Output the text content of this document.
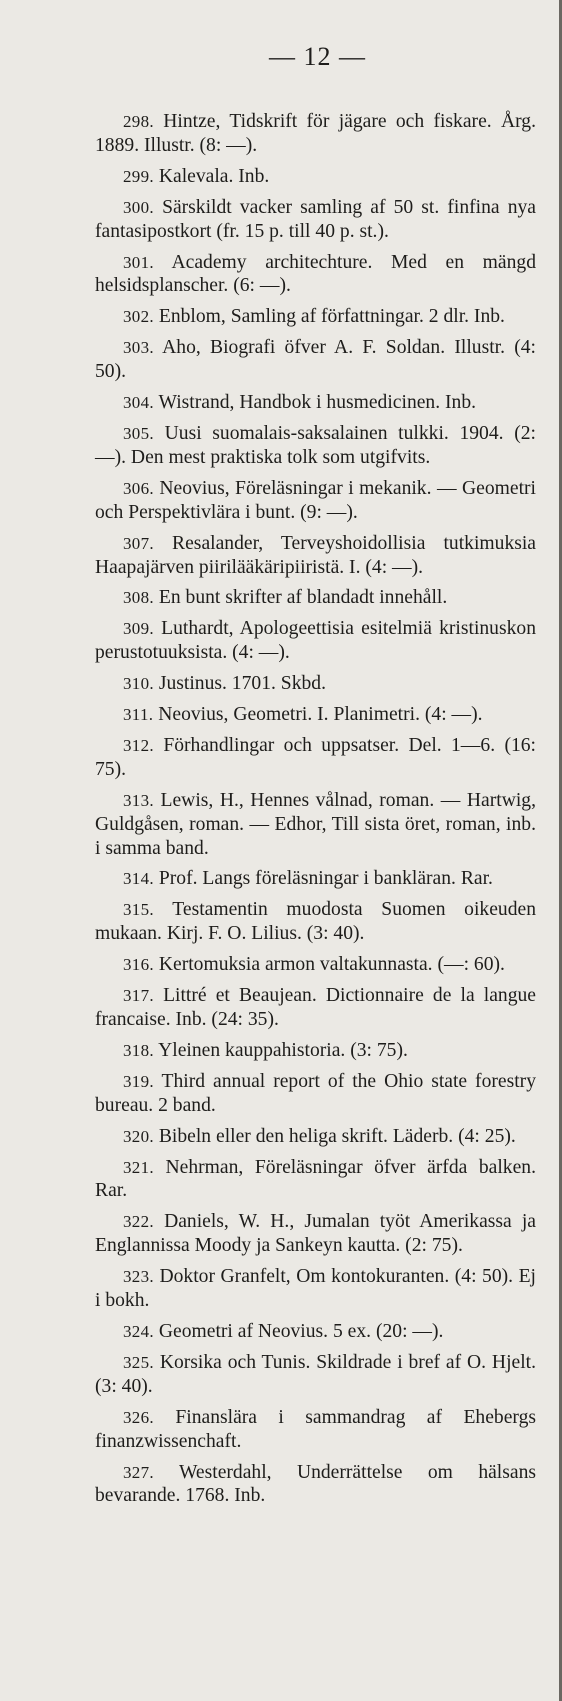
— 12 —

298. Hintze, Tidskrift för jägare och fiskare. Årg. 1889. Illustr. (8: —).

299. Kalevala. Inb.

300. Särskildt vacker samling af 50 st. finfina nya fantasipostkort (fr. 15 p. till 40 p. st.).

301. Academy architechture. Med en mängd helsidsplanscher. (6: —).

302. Enblom, Samling af författningar. 2 dlr. Inb.

303. Aho, Biografi öfver A. F. Soldan. Illustr. (4: 50).

304. Wistrand, Handbok i husmedicinen. Inb.

305. Uusi suomalais-saksalainen tulkki. 1904. (2: —). Den mest praktiska tolk som utgifvits.

306. Neovius, Föreläsningar i mekanik. — Geometri och Perspektivlära i bunt. (9: —).

307. Resalander, Terveyshoidollisia tutkimuksia Haapajärven piirilääkäripiiristä. I. (4: —).

308. En bunt skrifter af blandadt innehåll.

309. Luthardt, Apologeettisia esitelmiä kristinuskon perustotuuksista. (4: —).

310. Justinus. 1701. Skbd.

311. Neovius, Geometri. I. Planimetri. (4: —).

312. Förhandlingar och uppsatser. Del. 1—6. (16: 75).

313. Lewis, H., Hennes vålnad, roman. — Hartwig, Guldgåsen, roman. — Edhor, Till sista öret, roman, inb. i samma band.

314. Prof. Langs föreläsningar i bankläran. Rar.

315. Testamentin muodosta Suomen oikeuden mukaan. Kirj. F. O. Lilius. (3: 40).

316. Kertomuksia armon valtakunnasta. (—: 60).

317. Littré et Beaujean. Dictionnaire de la langue francaise. Inb. (24: 35).

318. Yleinen kauppahistoria. (3: 75).

319. Third annual report of the Ohio state forestry bureau. 2 band.

320. Bibeln eller den heliga skrift. Läderb. (4: 25).

321. Nehrman, Föreläsningar öfver ärfda balken. Rar.

322. Daniels, W. H., Jumalan työt Amerikassa ja Englannissa Moody ja Sankeyn kautta. (2: 75).

323. Doktor Granfelt, Om kontokuranten. (4: 50). Ej i bokh.

324. Geometri af Neovius. 5 ex. (20: —).

325. Korsika och Tunis. Skildrade i bref af O. Hjelt. (3: 40).

326. Finanslära i sammandrag af Ehebergs finanzwissenchaft.

327. Westerdahl, Underrättelse om hälsans bevarande. 1768. Inb.
